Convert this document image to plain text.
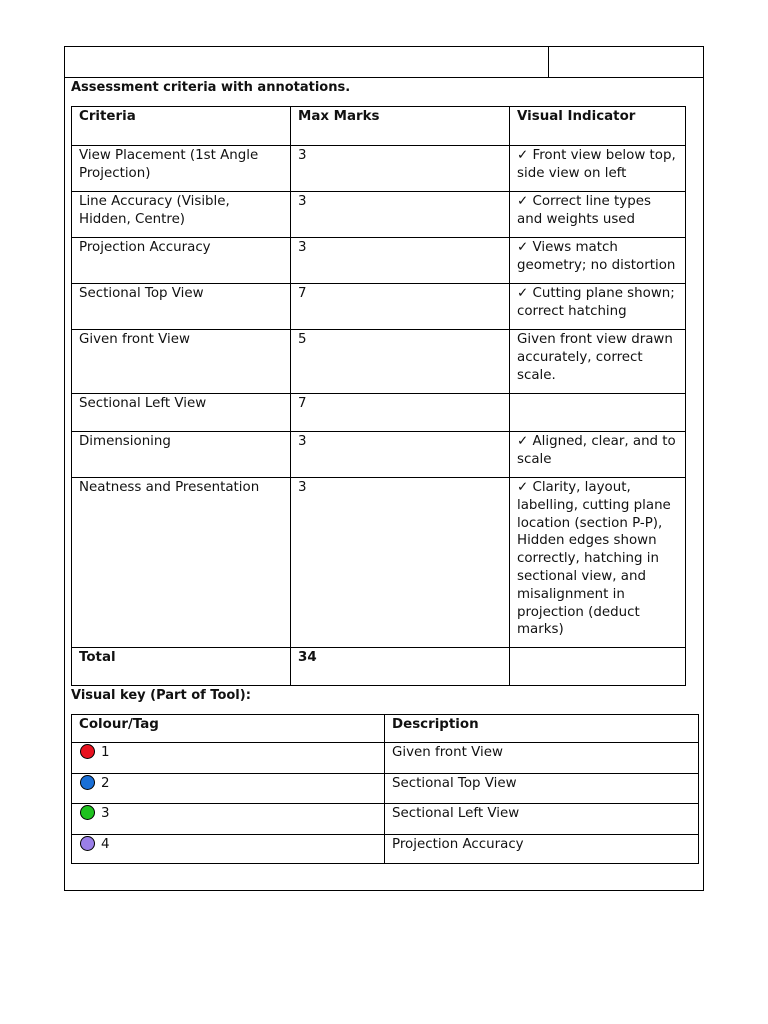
Assessment criteria with annotations.
Criteria	Max Marks	Visual Indicator
View Placement (1st Angle Projection)	3	✓ Front view below top, side view on left
Line Accuracy (Visible, Hidden, Centre)	3	✓ Correct line types and weights used
Projection Accuracy	3	✓ Views match geometry; no distortion
Sectional Top View	7	✓ Cutting plane shown; correct hatching
Given front View	5	Given front view drawn accurately, correct scale.
Sectional Left View	7	
Dimensioning	3	✓ Aligned, clear, and to scale
Neatness and Presentation	3	✓ Clarity, layout, labelling, cutting plane location (section P-P), Hidden edges shown correctly, hatching in sectional view, and misalignment in projection (deduct marks)
Total	34	
Visual key (Part of Tool):
Colour/Tag	Description
1	Given front View
2	Sectional Top View
3	Sectional Left View
4	Projection Accuracy
